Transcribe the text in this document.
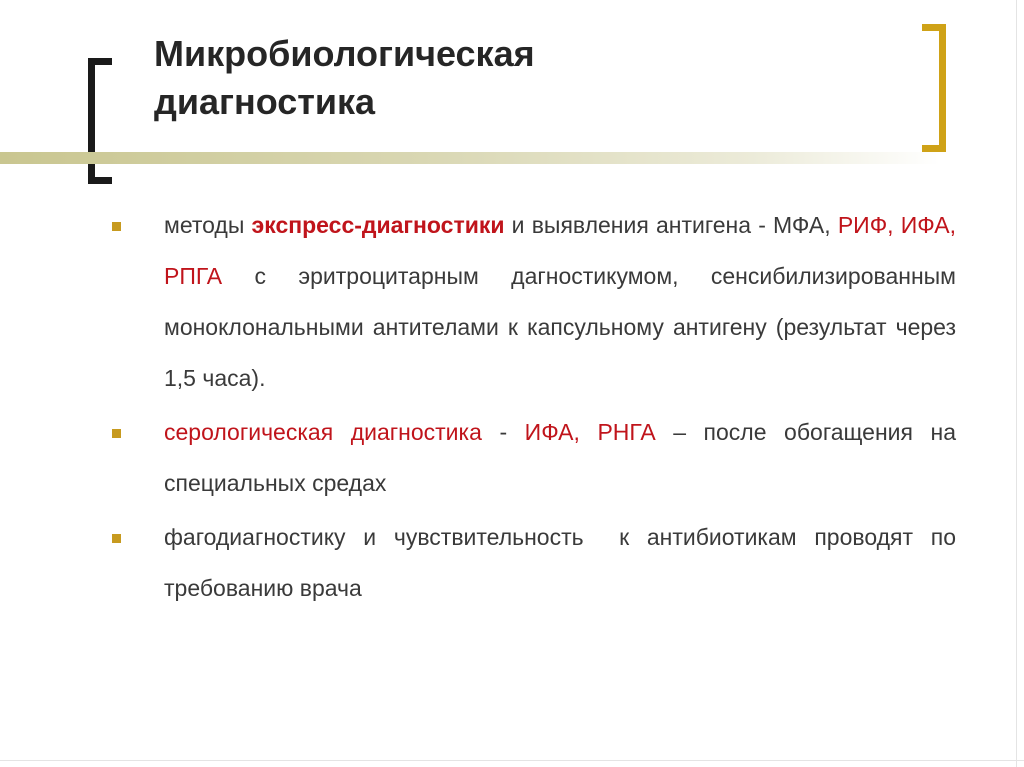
Микробиологическая
диагностика
методы экспресс-диагностики и выявления антигена - МФА, РИФ, ИФА, РПГА с эритроцитарным дагностикумом, сенсибилизированным моноклональными антителами к капсульному антигену (результат через 1,5 часа).
серологическая диагностика - ИФА, РНГА – после обогащения на специальных средах
фагодиагностику и чувствительность  к антибиотикам проводят по требованию врача
